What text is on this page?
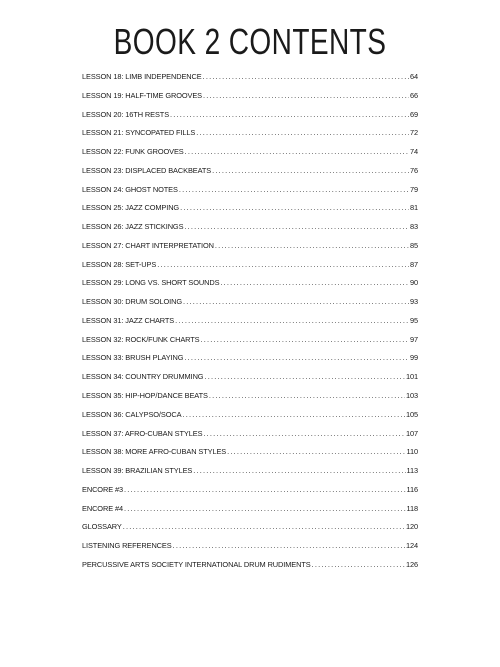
BOOK 2 CONTENTS
LESSON 18: LIMB INDEPENDENCE .....	64
LESSON 19: HALF-TIME GROOVES .....	66
LESSON 20: 16TH RESTS .....	69
LESSON 21: SYNCOPATED FILLS .....	72
LESSON 22: FUNK GROOVES .....	74
LESSON 23: DISPLACED BACKBEATS .....	76
LESSON 24: GHOST NOTES .....	79
LESSON 25: JAZZ COMPING .....	81
LESSON 26: JAZZ STICKINGS .....	83
LESSON 27: CHART INTERPRETATION .....	85
LESSON 28: SET-UPS .....	87
LESSON 29: LONG VS. SHORT SOUNDS .....	90
LESSON 30: DRUM SOLOING .....	93
LESSON 31: JAZZ CHARTS .....	95
LESSON 32: ROCK/FUNK CHARTS .....	97
LESSON 33: BRUSH PLAYING .....	99
LESSON 34: COUNTRY DRUMMING .....	101
LESSON 35: HIP-HOP/DANCE BEATS .....	103
LESSON 36: CALYPSO/SOCA .....	105
LESSON 37: AFRO-CUBAN STYLES .....	107
LESSON 38: MORE AFRO-CUBAN STYLES .....	110
LESSON 39: BRAZILIAN STYLES .....	113
ENCORE #3 .....	116
ENCORE #4 .....	118
GLOSSARY .....	120
LISTENING REFERENCES .....	124
PERCUSSIVE ARTS SOCIETY INTERNATIONAL DRUM RUDIMENTS .....	126
